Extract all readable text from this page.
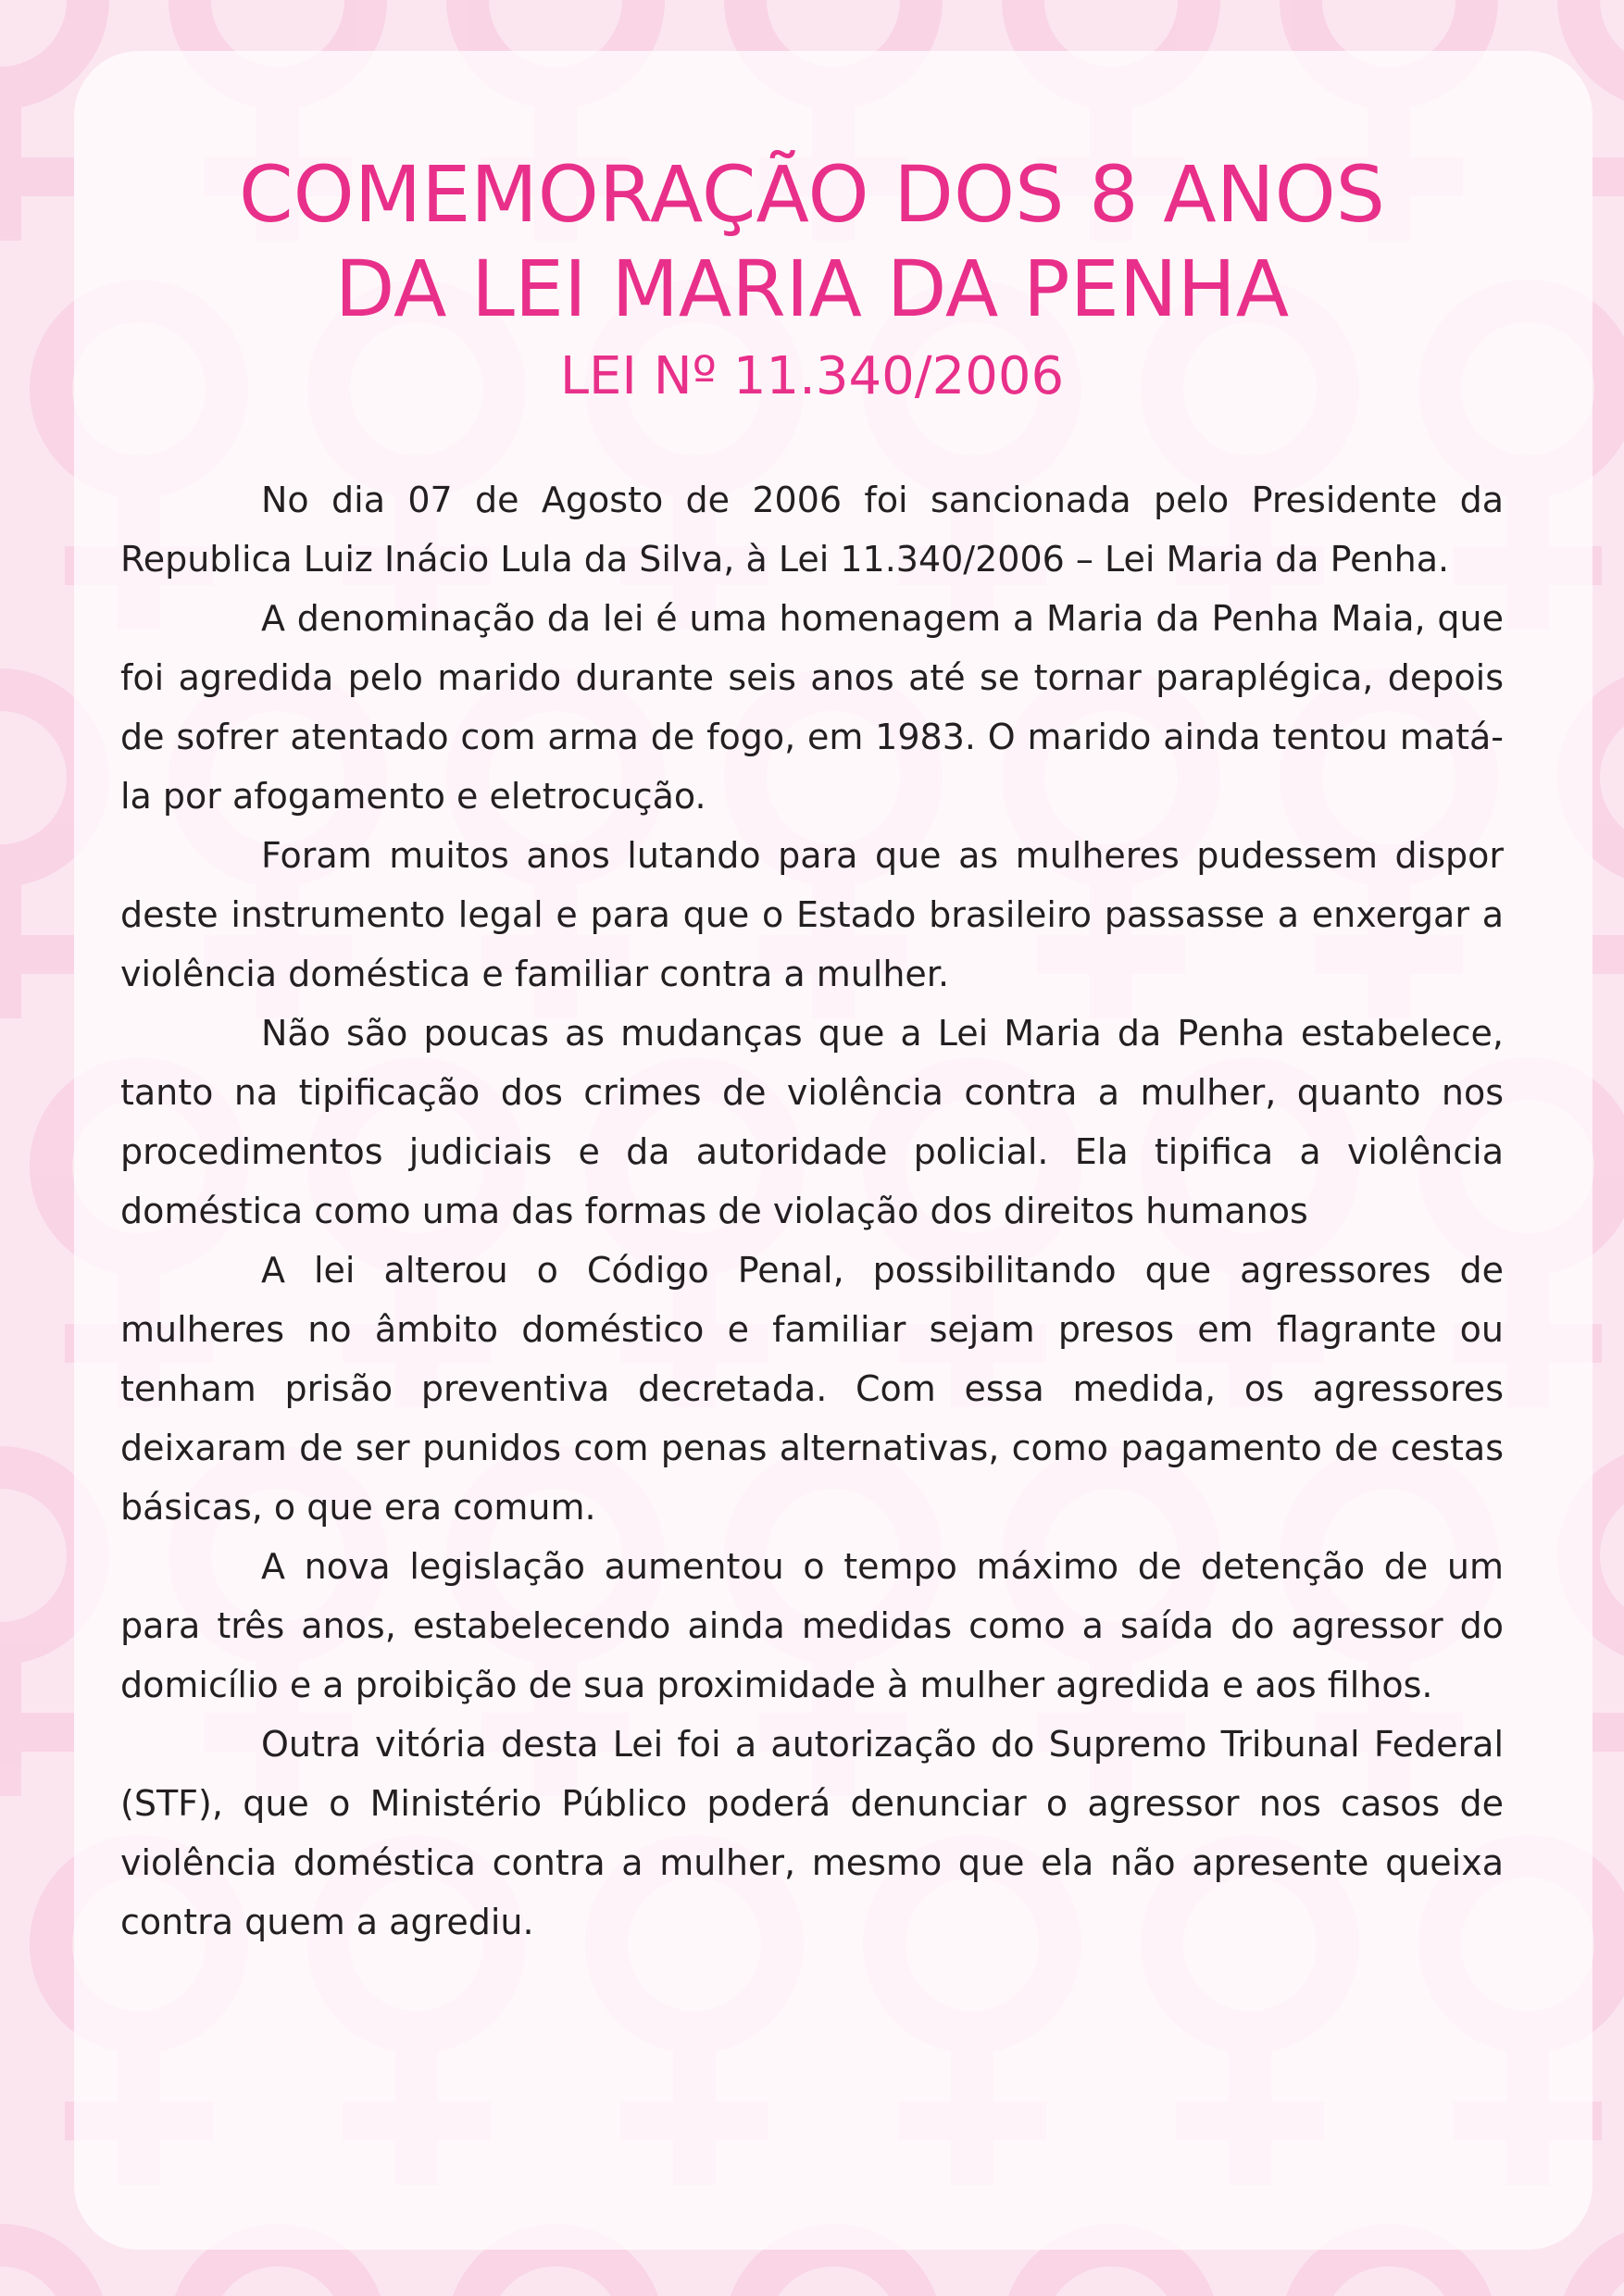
COMEMORAÇÃO DOS 8 ANOS
DA LEI MARIA DA PENHA
LEI Nº 11.340/2006

No dia 07 de Agosto de 2006 foi sancionada pelo Presidente da Republica Luiz Inácio Lula da Silva, à Lei 11.340/2006 – Lei Maria da Penha.

A denominação da lei é uma homenagem a Maria da Penha Maia, que foi agredida pelo marido durante seis anos até se tornar paraplégica, depois de sofrer atentado com arma de fogo, em 1983. O marido ainda tentou matá-la por afogamento e eletrocução.

Foram muitos anos lutando para que as mulheres pudessem dispor deste instrumento legal e para que o Estado brasileiro passasse a enxergar a violência doméstica e familiar contra a mulher.

Não são poucas as mudanças que a Lei Maria da Penha estabelece, tanto na tipificação dos crimes de violência contra a mulher, quanto nos procedimentos judiciais e da autoridade policial. Ela tipifica a violência doméstica como uma das formas de violação dos direitos humanos

A lei alterou o Código Penal, possibilitando que agressores de mulheres no âmbito doméstico e familiar sejam presos em flagrante ou tenham prisão preventiva decretada. Com essa medida, os agressores deixaram de ser punidos com penas alternativas, como pagamento de cestas básicas, o que era comum.

A nova legislação aumentou o tempo máximo de detenção de um para três anos, estabelecendo ainda medidas como a saída do agressor do domicílio e a proibição de sua proximidade à mulher agredida e aos filhos.

Outra vitória desta Lei foi a autorização do Supremo Tribunal Federal (STF), que o Ministério Público poderá denunciar o agressor nos casos de violência doméstica contra a mulher, mesmo que ela não apresente queixa contra quem a agrediu.
